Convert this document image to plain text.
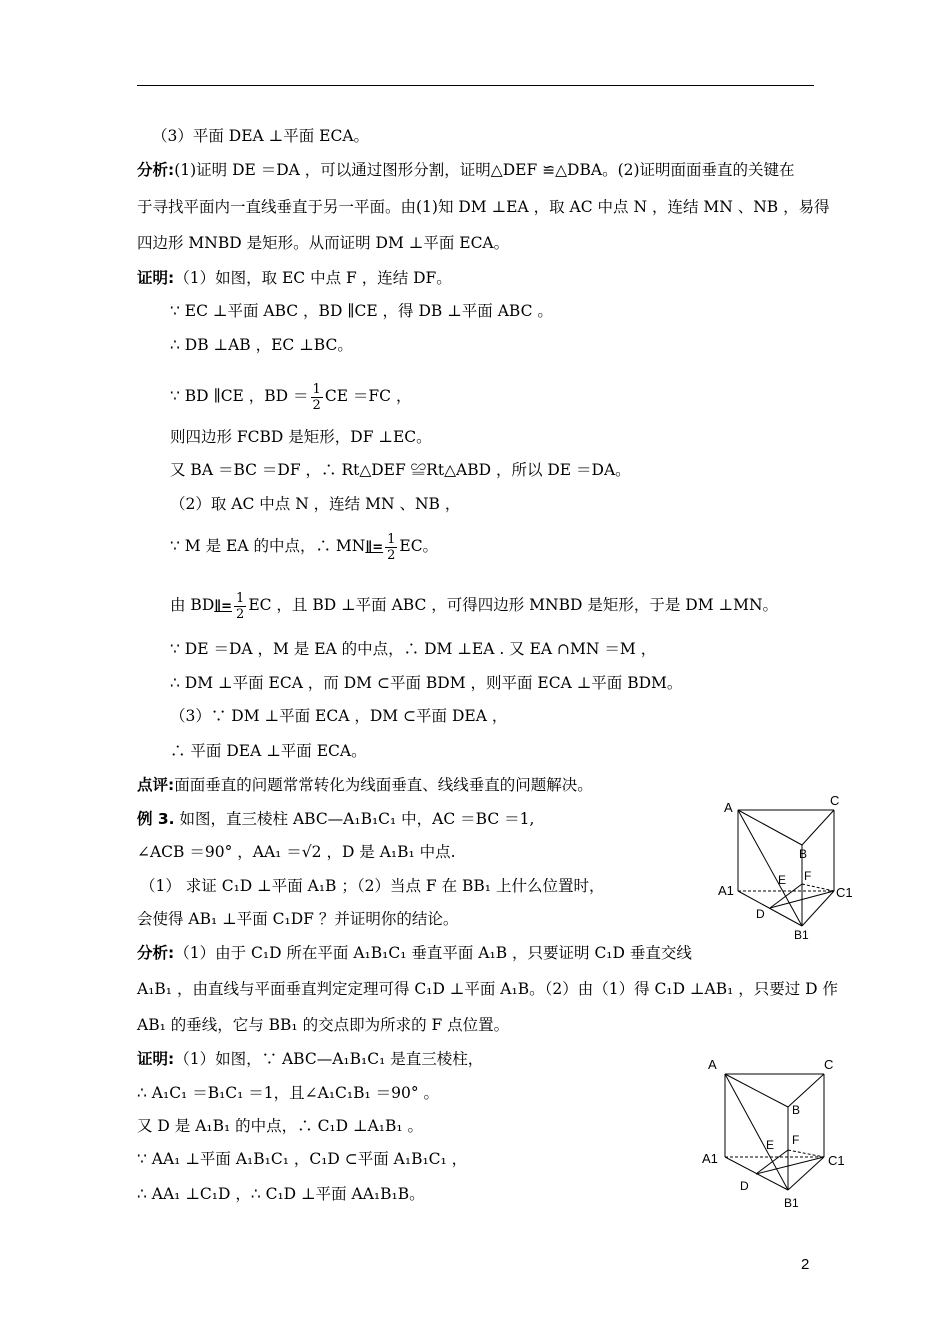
（3）平面 DEA ⊥平面 ECA。
分析:(1)证明 DE ＝DA ，可以通过图形分割，证明△DEF ≌△DBA。(2)证明面面垂直的关键在
于寻找平面内一直线垂直于另一平面。由(1)知 DM ⊥EA ，取 AC 中点 N ，连结 MN 、NB ，易得
四边形 MNBD 是矩形。从而证明 DM ⊥平面 ECA。
证明:（1）如图，取 EC 中点 F ，连结 DF。
∵ EC ⊥平面 ABC ，BD ∥CE ，得 DB ⊥平面 ABC 。
∴ DB ⊥AB ，EC ⊥BC。
∵ BD ∥CE ，BD ＝ $\frac{1}{2}$ CE ＝FC ，
则四边形 FCBD 是矩形，DF ⊥EC。
又 BA ＝BC ＝DF ，∴ Rt△DEF ≌Rt△ABD ，所以 DE ＝DA。
（2）取 AC 中点 N ，连结 MN 、NB ，
∵ M 是 EA 的中点，∴ MN∥= $\frac{1}{2}$ EC。
由 BD∥= $\frac{1}{2}$ EC ，且 BD ⊥平面 ABC ，可得四边形 MNBD 是矩形，于是 DM ⊥MN。
∵ DE ＝DA ，M 是 EA 的中点，∴ DM ⊥EA . 又 EA ∩MN ＝M ，
∴ DM ⊥平面 ECA ，而 DM ⊂平面 BDM ，则平面 ECA ⊥平面 BDM。
（3）∵ DM ⊥平面 ECA ，DM ⊂平面 DEA ，
∴ 平面 DEA ⊥平面 ECA。
点评:面面垂直的问题常常转化为线面垂直、线线垂直的问题解决。
例 3. 如图，直三棱柱 ABC—A₁B₁C₁ 中，AC ＝BC ＝1,
∠ACB ＝90° ，AA₁ ＝√2 ，D 是 A₁B₁ 中点.
（1） 求证 C₁D ⊥平面 A₁B ；（2）当点 F 在 BB₁ 上什么位置时，
会使得 AB₁ ⊥平面 C₁DF ？并证明你的结论。
分析:（1）由于 C₁D 所在平面 A₁B₁C₁ 垂直平面 A₁B ，只要证明 C₁D 垂直交线
A₁B₁ ，由直线与平面垂直判定定理可得 C₁D ⊥平面 A₁B。（2）由（1）得 C₁D ⊥AB₁ ，只要过 D 作
AB₁ 的垂线，它与 BB₁ 的交点即为所求的 F 点位置。
证明:（1）如图，∵ ABC—A₁B₁C₁ 是直三棱柱，
∴ A₁C₁ ＝B₁C₁ ＝1，且∠A₁C₁B₁ ＝90° 。
又 D 是 A₁B₁ 的中点，∴ C₁D ⊥A₁B₁ 。
∵ AA₁ ⊥平面 A₁B₁C₁ ，C₁D ⊂平面 A₁B₁C₁ ，
∴ AA₁ ⊥C₁D ，∴ C₁D ⊥平面 AA₁B₁B。
A	C
B
F
E
A1	C1
D
B1
A	C
B
F
E
A1	C1
D
B1
2
